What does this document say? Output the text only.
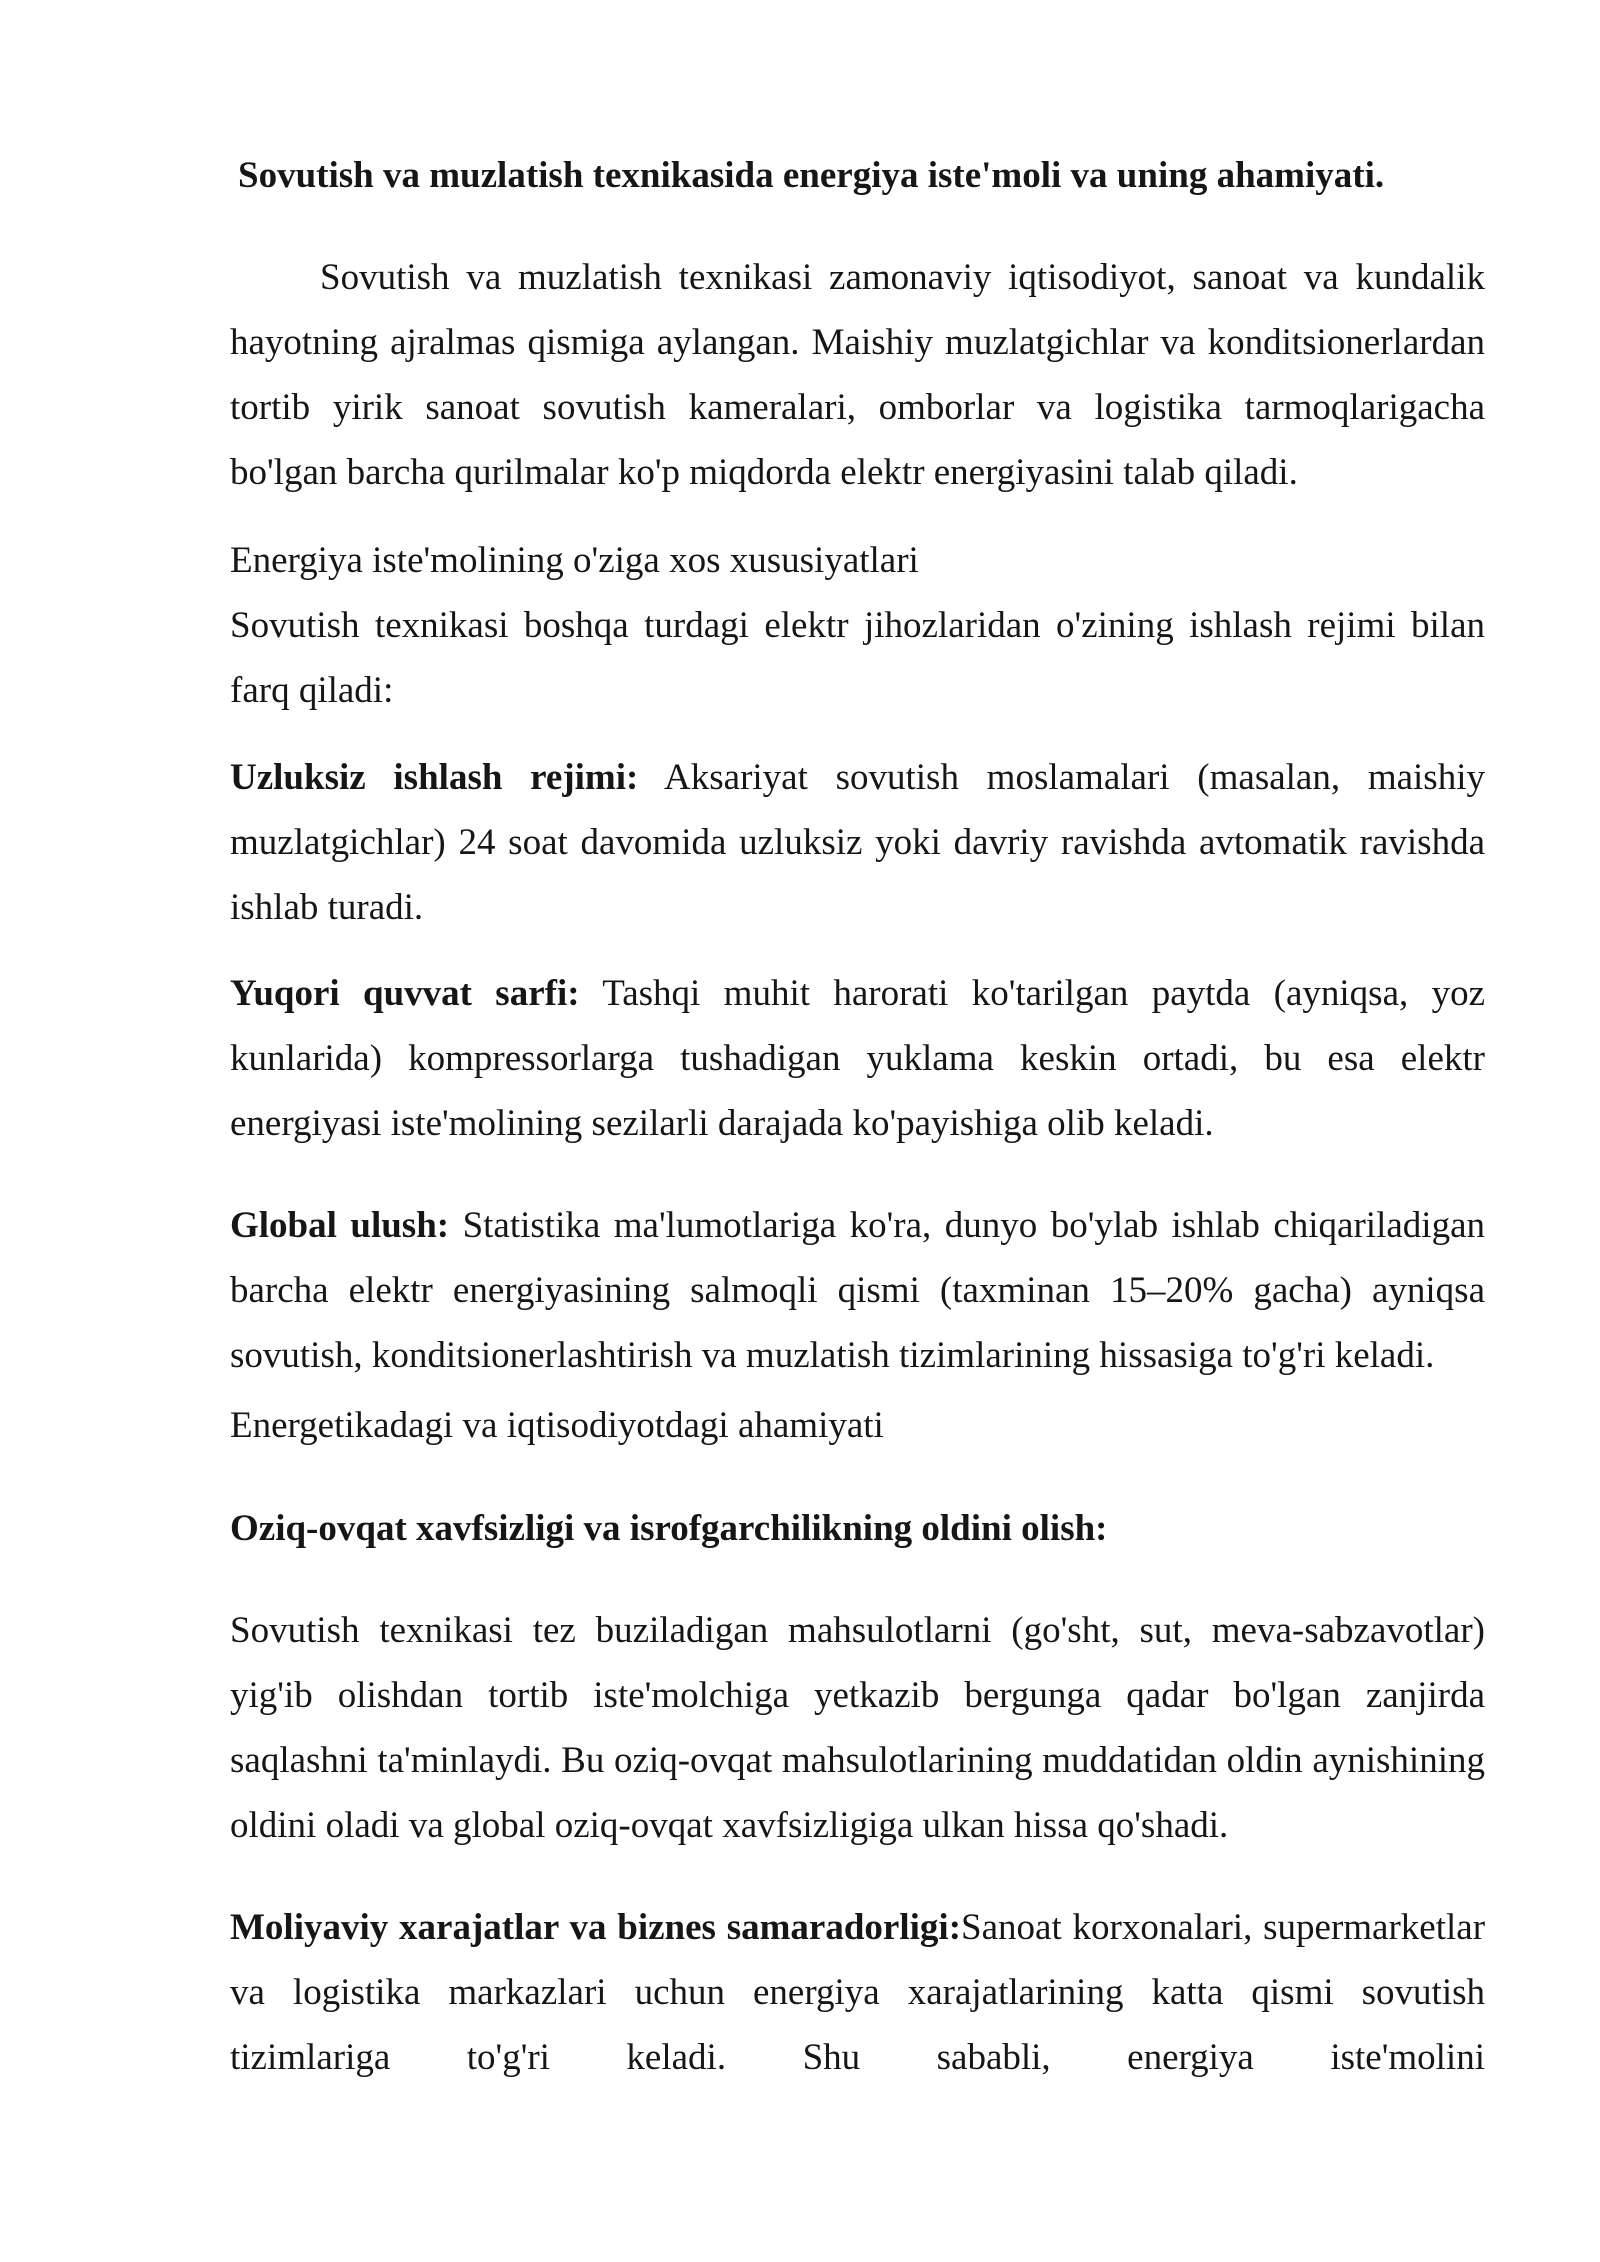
Sovutish va muzlatish texnikasida energiya iste'moli va uning ahamiyati.

Sovutish va muzlatish texnikasi zamonaviy iqtisodiyot, sanoat va kundalik hayotning ajralmas qismiga aylangan. Maishiy muzlatgichlar va konditsionerlardan tortib yirik sanoat sovutish kameralari, omborlar va logistika tarmoqlarigacha bo'lgan barcha qurilmalar ko'p miqdorda elektr energiyasini talab qiladi.

Energiya iste'molining o'ziga xos xususiyatlari

Sovutish texnikasi boshqa turdagi elektr jihozlaridan o'zining ishlash rejimi bilan farq qiladi:

Uzluksiz ishlash rejimi: Aksariyat sovutish moslamalari (masalan, maishiy muzlatgichlar) 24 soat davomida uzluksiz yoki davriy ravishda avtomatik ravishda ishlab turadi.

Yuqori quvvat sarfi: Tashqi muhit harorati ko'tarilgan paytda (ayniqsa, yoz kunlarida) kompressorlarga tushadigan yuklama keskin ortadi, bu esa elektr energiyasi iste'molining sezilarli darajada ko'payishiga olib keladi.

Global ulush: Statistika ma'lumotlariga ko'ra, dunyo bo'ylab ishlab chiqariladigan barcha elektr energiyasining salmoqli qismi (taxminan 15–20% gacha) ayniqsa sovutish, konditsionerlashtirish va muzlatish tizimlarining hissasiga to'g'ri keladi.

Energetikadagi va iqtisodiyotdagi ahamiyati

Oziq-ovqat xavfsizligi va isrofgarchilikning oldini olish:

Sovutish texnikasi tez buziladigan mahsulotlarni (go'sht, sut, meva-sabzavotlar) yig'ib olishdan tortib iste'molchiga yetkazib bergunga qadar bo'lgan zanjirda saqlashni ta'minlaydi. Bu oziq-ovqat mahsulotlarining muddatidan oldin aynishining oldini oladi va global oziq-ovqat xavfsizligiga ulkan hissa qo'shadi.

Moliyaviy xarajatlar va biznes samaradorligi:Sanoat korxonalari, supermarketlar va logistika markazlari uchun energiya xarajatlarining katta qismi sovutish tizimlariga to'g'ri keladi. Shu sababli, energiya iste'molini
